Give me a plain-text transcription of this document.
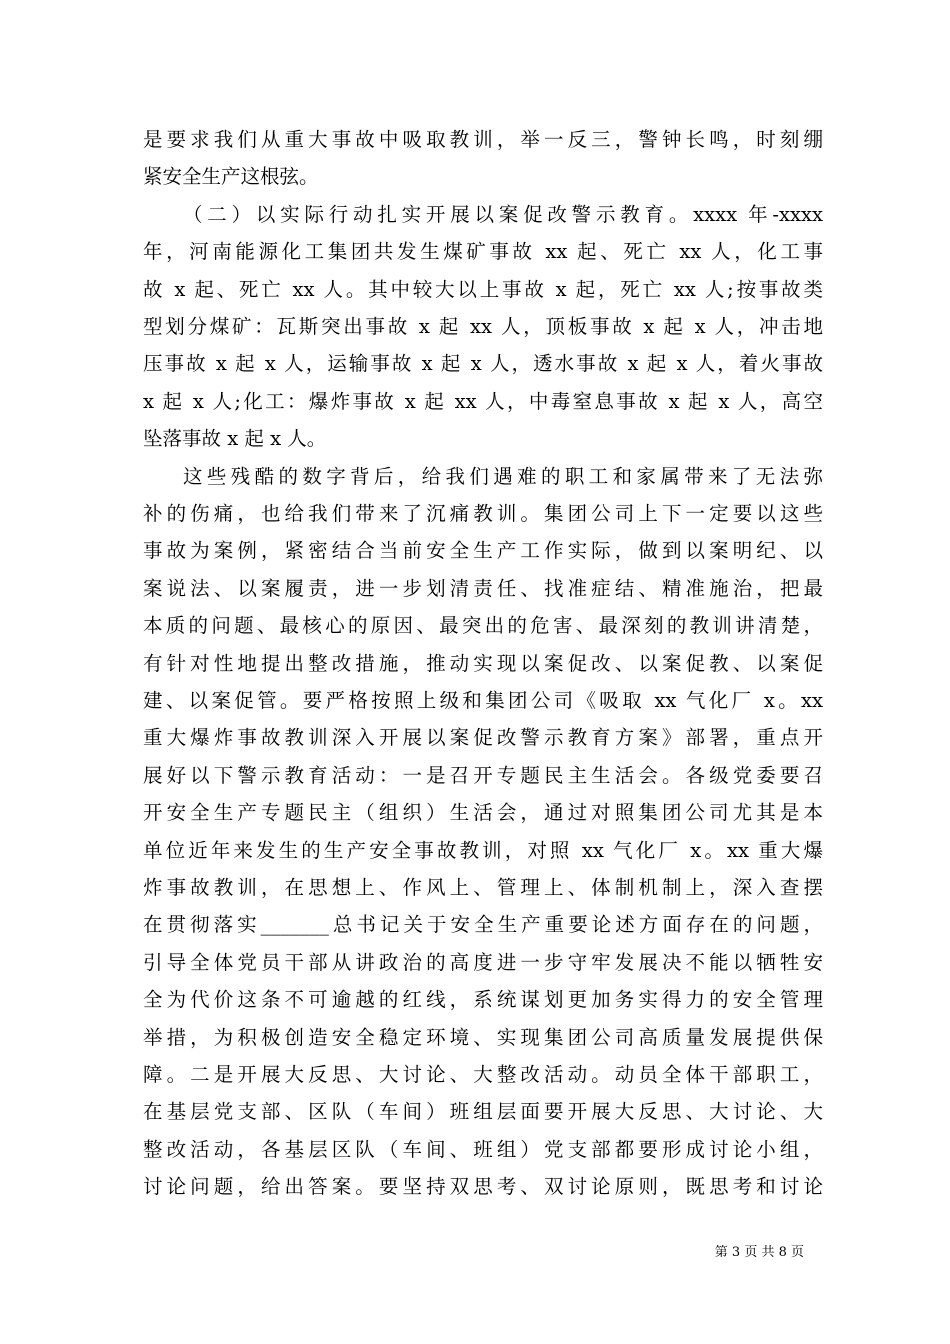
是要求我们从重大事故中吸取教训，举一反三，警钟长鸣，时刻绷
紧安全生产这根弦。
（二）以实际行动扎实开展以案促改警示教育。xxxx 年-xxxx
年，河南能源化工集团共发生煤矿事故 xx 起、死亡 xx 人，化工事
故 x 起、死亡 xx 人。其中较大以上事故 x 起，死亡 xx 人;按事故类
型划分煤矿：瓦斯突出事故 x 起 xx 人，顶板事故 x 起 x 人，冲击地
压事故 x 起 x 人，运输事故 x 起 x 人，透水事故 x 起 x 人，着火事故
x 起 x 人;化工：爆炸事故 x 起 xx 人，中毒窒息事故 x 起 x 人，高空
坠落事故 x 起 x 人。
这些残酷的数字背后，给我们遇难的职工和家属带来了无法弥
补的伤痛，也给我们带来了沉痛教训。集团公司上下一定要以这些
事故为案例，紧密结合当前安全生产工作实际，做到以案明纪、以
案说法、以案履责，进一步划清责任、找准症结、精准施治，把最
本质的问题、最核心的原因、最突出的危害、最深刻的教训讲清楚，
有针对性地提出整改措施，推动实现以案促改、以案促教、以案促
建、以案促管。要严格按照上级和集团公司《吸取 xx 气化厂 x。xx
重大爆炸事故教训深入开展以案促改警示教育方案》部署，重点开
展好以下警示教育活动：一是召开专题民主生活会。各级党委要召
开安全生产专题民主（组织）生活会，通过对照集团公司尤其是本
单位近年来发生的生产安全事故教训，对照 xx 气化厂 x。xx 重大爆
炸事故教训，在思想上、作风上、管理上、体制机制上，深入查摆
在贯彻落实_______总书记关于安全生产重要论述方面存在的问题，
引导全体党员干部从讲政治的高度进一步守牢发展决不能以牺牲安
全为代价这条不可逾越的红线，系统谋划更加务实得力的安全管理
举措，为积极创造安全稳定环境、实现集团公司高质量发展提供保
障。二是开展大反思、大讨论、大整改活动。动员全体干部职工，
在基层党支部、区队（车间）班组层面要开展大反思、大讨论、大
整改活动，各基层区队（车间、班组）党支部都要形成讨论小组，
讨论问题，给出答案。要坚持双思考、双讨论原则，既思考和讨论
第 3 页 共 8 页
